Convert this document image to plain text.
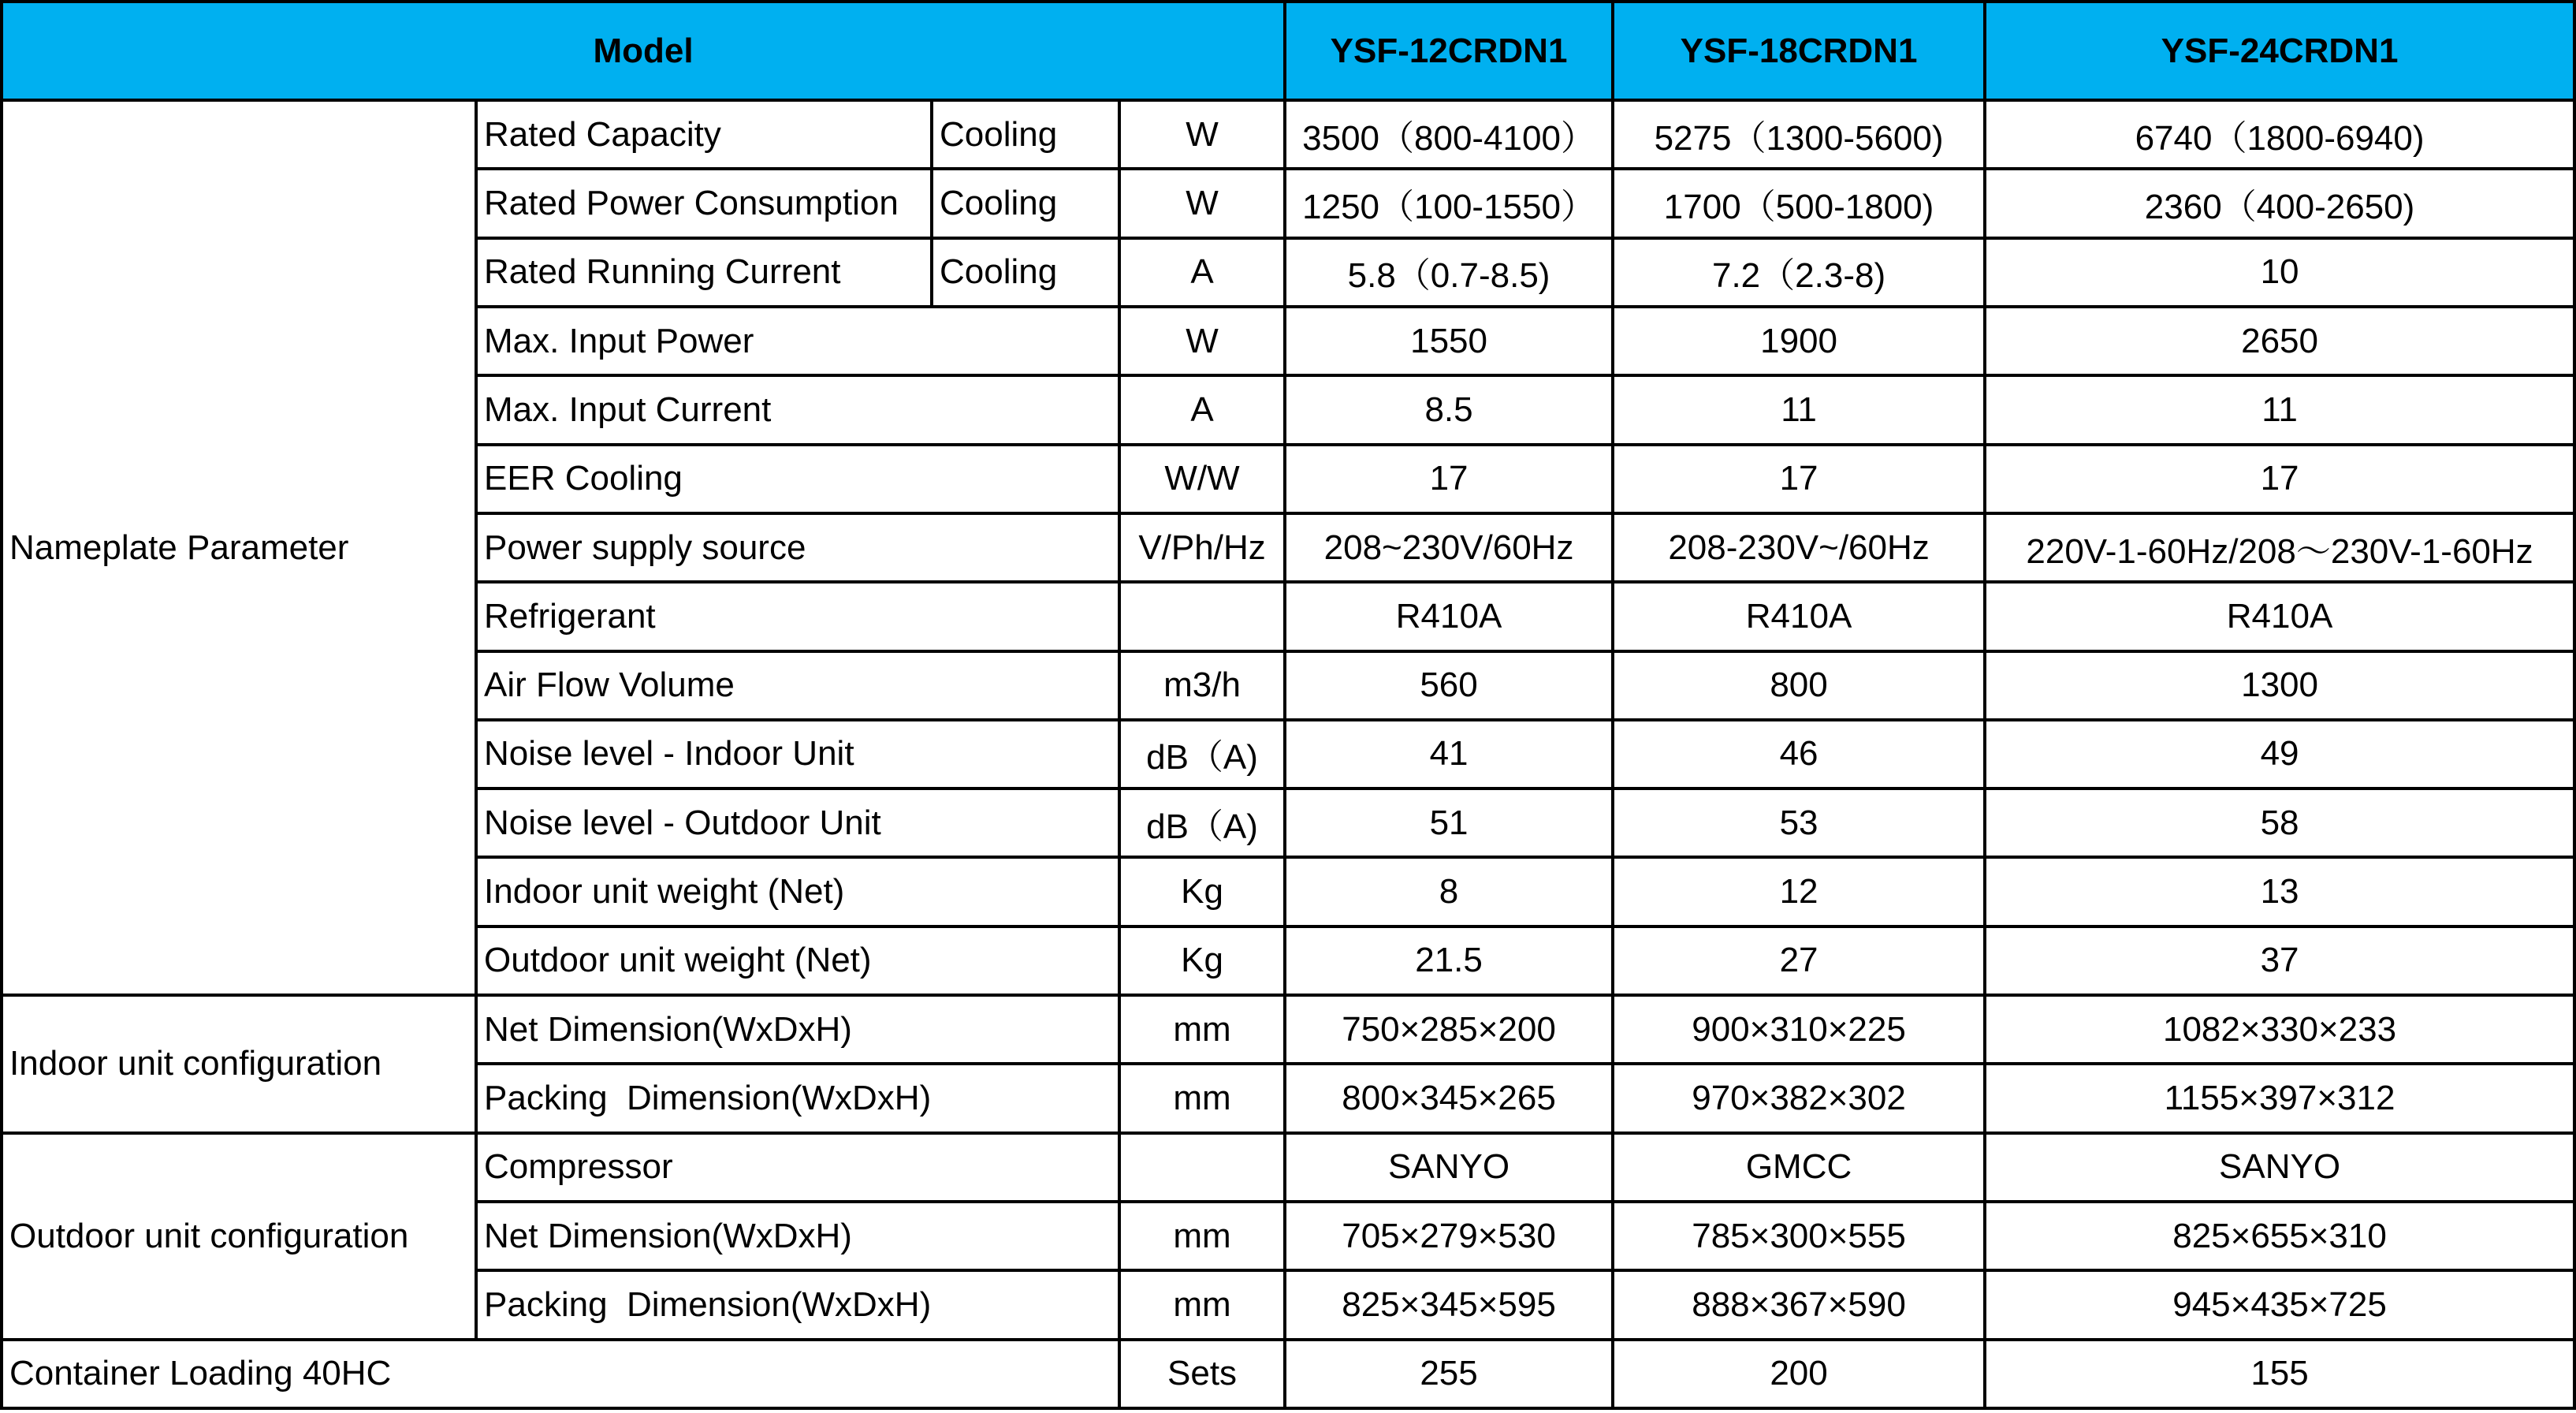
Model				YSF-12CRDN1	YSF-18CRDN1	YSF-24CRDN1
Nameplate Parameter	Rated Capacity	Cooling	W	3500（800-4100）	5275（1300-5600)	6740（1800-6940)
	Rated Power Consumption	Cooling	W	1250（100-1550）	1700（500-1800)	2360（400-2650)
	Rated Running Current	Cooling	A	5.8（0.7-8.5)	7.2（2.3-8)	10
	Max. Input Power		W	1550	1900	2650
	Max. Input Current		A	8.5	11	11
	EER Cooling		W/W	17	17	17
	Power supply source		V/Ph/Hz	208~230V/60Hz	208-230V~/60Hz	220V-1-60Hz/208～230V-1-60Hz
	Refrigerant			R410A	R410A	R410A
	Air Flow Volume		m3/h	560	800	1300
	Noise level - Indoor Unit		dB（A)	41	46	49
	Noise level - Outdoor Unit		dB（A)	51	53	58
	Indoor unit weight (Net)		Kg	8	12	13
	Outdoor unit weight (Net)		Kg	21.5	27	37
Indoor unit configuration	Net Dimension(WxDxH)		mm	750×285×200	900×310×225	1082×330×233
	Packing  Dimension(WxDxH)		mm	800×345×265	970×382×302	1155×397×312
Outdoor unit configuration	Compressor			SANYO	GMCC	SANYO
	Net Dimension(WxDxH)		mm	705×279×530	785×300×555	825×655×310
	Packing  Dimension(WxDxH)		mm	825×345×595	888×367×590	945×435×725
Container Loading 40HC			Sets	255	200	155
